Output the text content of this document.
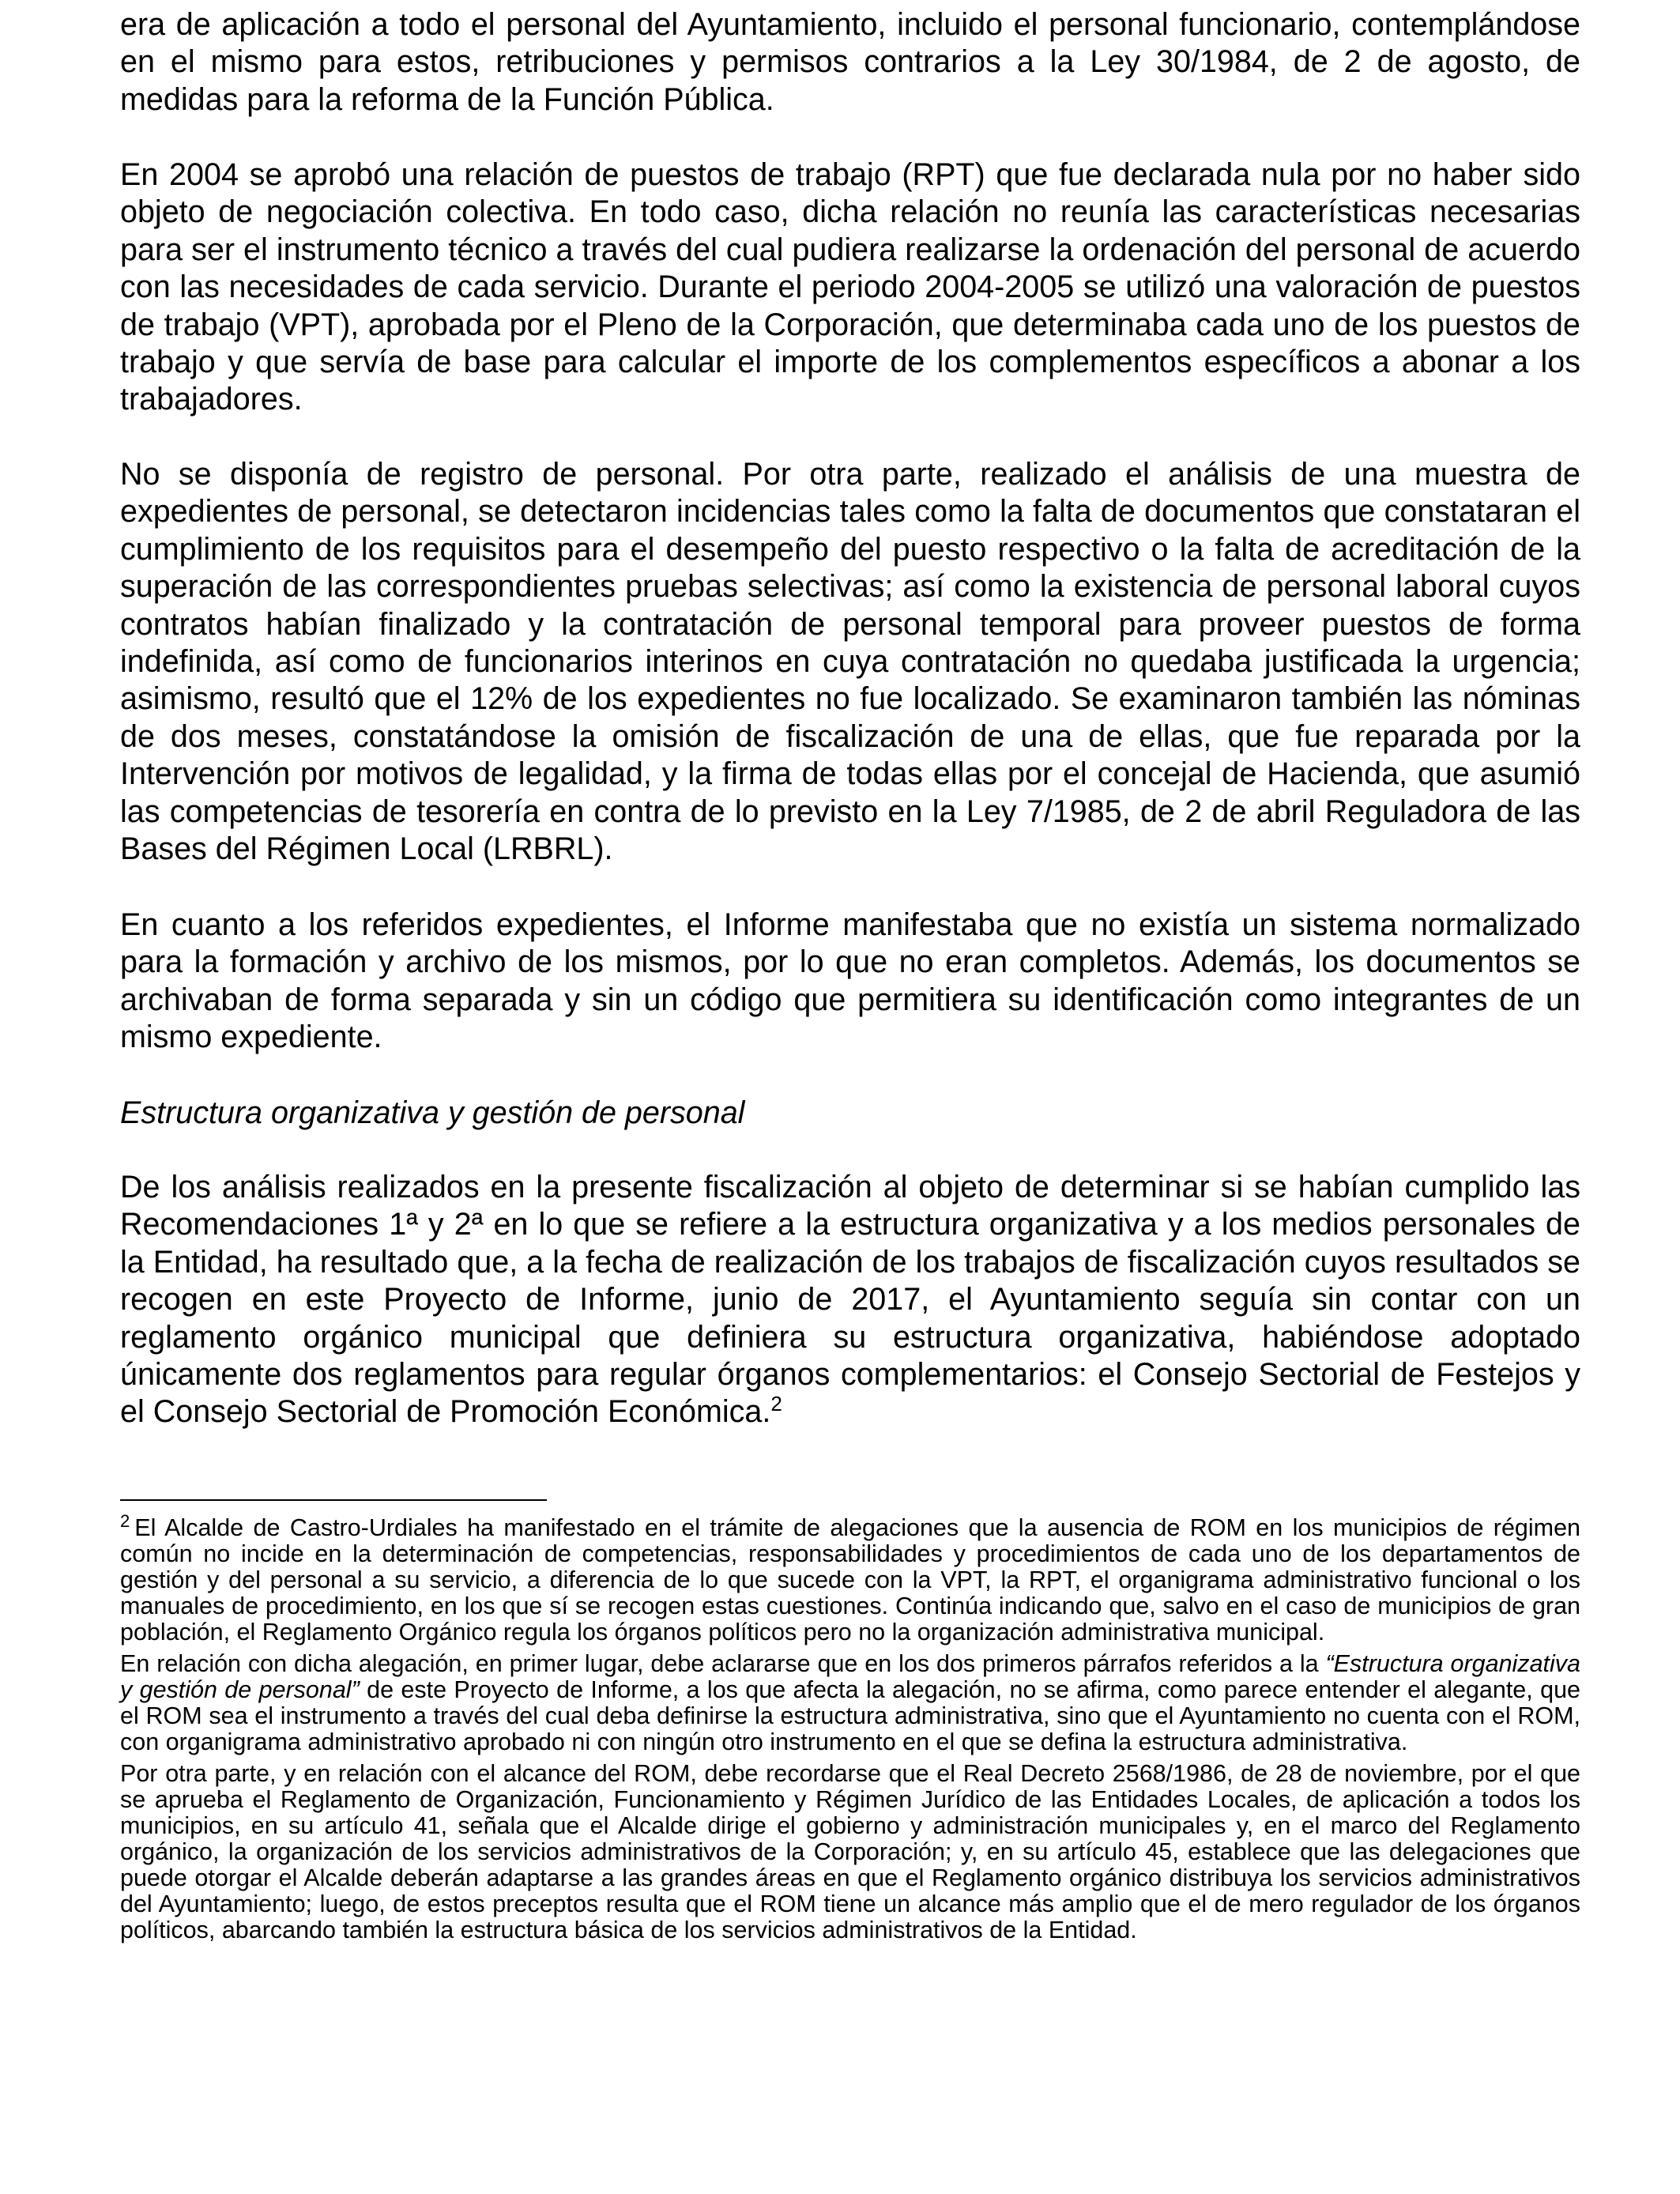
era de aplicación a todo el personal del Ayuntamiento, incluido el personal funcionario, contemplándose en el mismo para estos, retribuciones y permisos contrarios a la Ley 30/1984, de 2 de agosto, de medidas para la reforma de la Función Pública.

En 2004 se aprobó una relación de puestos de trabajo (RPT) que fue declarada nula por no haber sido objeto de negociación colectiva. En todo caso, dicha relación no reunía las características necesarias para ser el instrumento técnico a través del cual pudiera realizarse la ordenación del personal de acuerdo con las necesidades de cada servicio. Durante el periodo 2004-2005 se utilizó una valoración de puestos de trabajo (VPT), aprobada por el Pleno de la Corporación, que determinaba cada uno de los puestos de trabajo y que servía de base para calcular el importe de los complementos específicos a abonar a los trabajadores.

No se disponía de registro de personal. Por otra parte, realizado el análisis de una muestra de expedientes de personal, se detectaron incidencias tales como la falta de documentos que constataran el cumplimiento de los requisitos para el desempeño del puesto respectivo o la falta de acreditación de la superación de las correspondientes pruebas selectivas; así como la existencia de personal laboral cuyos contratos habían finalizado y la contratación de personal temporal para proveer puestos de forma indefinida, así como de funcionarios interinos en cuya contratación no quedaba justificada la urgencia; asimismo, resultó que el 12% de los expedientes no fue localizado. Se examinaron también las nóminas de dos meses, constatándose la omisión de fiscalización de una de ellas, que fue reparada por la Intervención por motivos de legalidad, y la firma de todas ellas por el concejal de Hacienda, que asumió las competencias de tesorería en contra de lo previsto en la Ley 7/1985, de 2 de abril Reguladora de las Bases del Régimen Local (LRBRL).

En cuanto a los referidos expedientes, el Informe manifestaba que no existía un sistema normalizado para la formación y archivo de los mismos, por lo que no eran completos. Además, los documentos se archivaban de forma separada y sin un código que permitiera su identificación como integrantes de un mismo expediente.

Estructura organizativa y gestión de personal

De los análisis realizados en la presente fiscalización al objeto de determinar si se habían cumplido las Recomendaciones 1ª y 2ª en lo que se refiere a la estructura organizativa y a los medios personales de la Entidad, ha resultado que, a la fecha de realización de los trabajos de fiscalización cuyos resultados se recogen en este Proyecto de Informe, junio de 2017, el Ayuntamiento seguía sin contar con un reglamento orgánico municipal que definiera su estructura organizativa, habiéndose adoptado únicamente dos reglamentos para regular órganos complementarios: el Consejo Sectorial de Festejos y el Consejo Sectorial de Promoción Económica.$^2$

$^2$ El Alcalde de Castro-Urdiales ha manifestado en el trámite de alegaciones que la ausencia de ROM en los municipios de régimen común no incide en la determinación de competencias, responsabilidades y procedimientos de cada uno de los departamentos de gestión y del personal a su servicio, a diferencia de lo que sucede con la VPT, la RPT, el organigrama administrativo funcional o los manuales de procedimiento, en los que sí se recogen estas cuestiones. Continúa indicando que, salvo en el caso de municipios de gran población, el Reglamento Orgánico regula los órganos políticos pero no la organización administrativa municipal.

En relación con dicha alegación, en primer lugar, debe aclararse que en los dos primeros párrafos referidos a la “Estructura organizativa y gestión de personal” de este Proyecto de Informe, a los que afecta la alegación, no se afirma, como parece entender el alegante, que el ROM sea el instrumento a través del cual deba definirse la estructura administrativa, sino que el Ayuntamiento no cuenta con el ROM, con organigrama administrativo aprobado ni con ningún otro instrumento en el que se defina la estructura administrativa.

Por otra parte, y en relación con el alcance del ROM, debe recordarse que el Real Decreto 2568/1986, de 28 de noviembre, por el que se aprueba el Reglamento de Organización, Funcionamiento y Régimen Jurídico de las Entidades Locales, de aplicación a todos los municipios, en su artículo 41, señala que el Alcalde dirige el gobierno y administración municipales y, en el marco del Reglamento orgánico, la organización de los servicios administrativos de la Corporación; y, en su artículo 45, establece que las delegaciones que puede otorgar el Alcalde deberán adaptarse a las grandes áreas en que el Reglamento orgánico distribuya los servicios administrativos del Ayuntamiento; luego, de estos preceptos resulta que el ROM tiene un alcance más amplio que el de mero regulador de los órganos políticos, abarcando también la estructura básica de los servicios administrativos de la Entidad.
